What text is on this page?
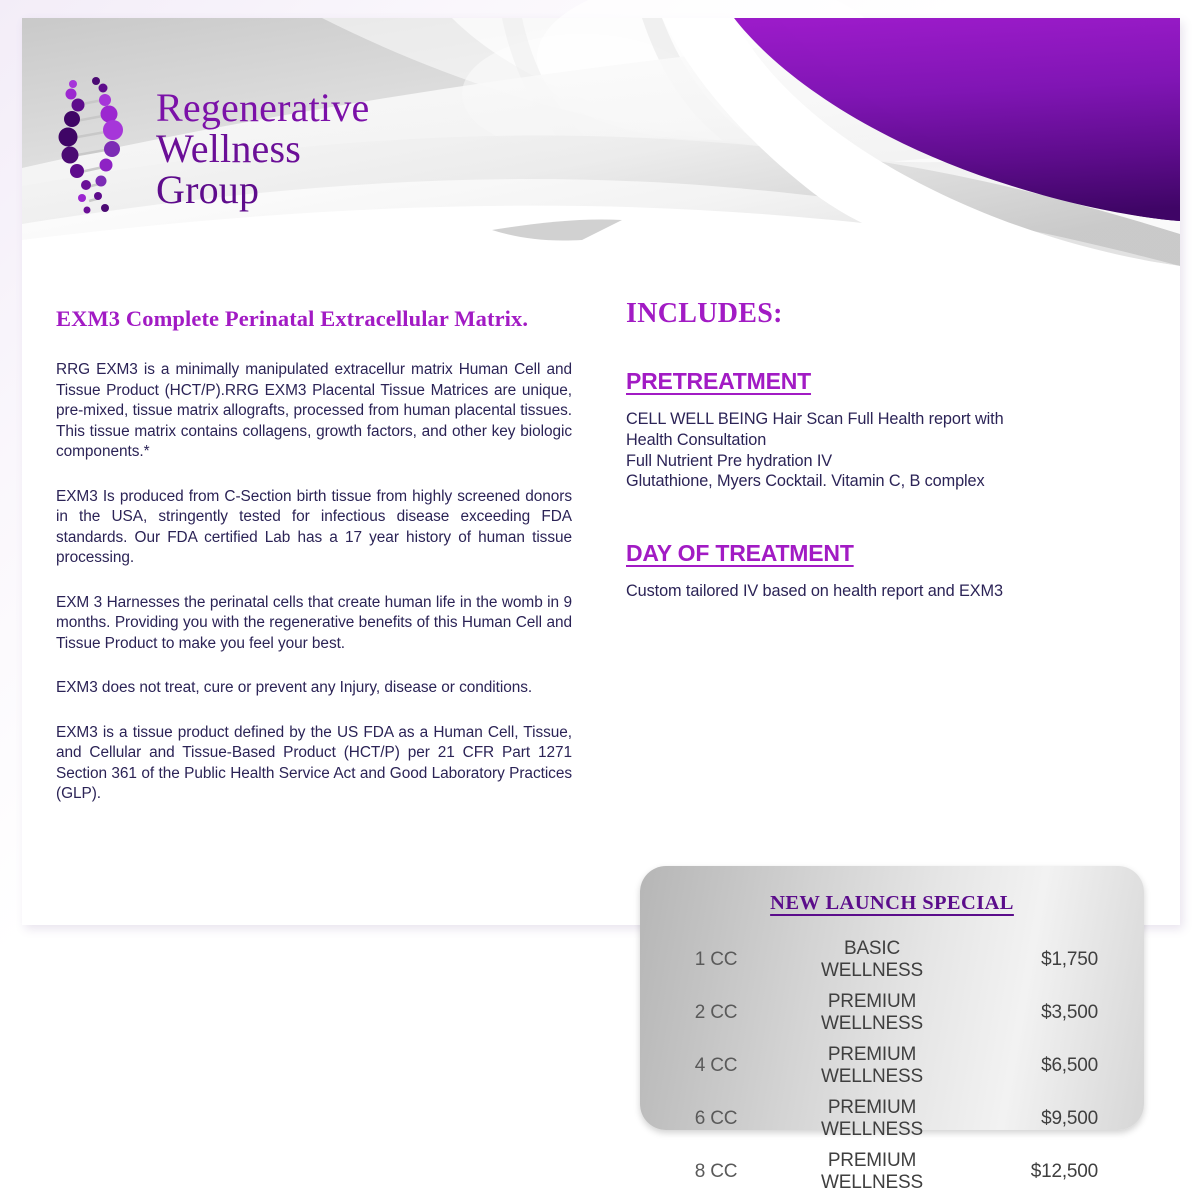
Regenerative
Wellness
Group
EXM3 Complete Perinatal Extracellular Matrix.

RRG EXM3 is a minimally manipulated extracellur matrix Human Cell and Tissue Product (HCT/P).RRG EXM3 Placental Tissue Matrices are unique, pre-mixed, tissue matrix allografts, processed from human placental tissues. This tissue matrix contains collagens, growth factors, and other key biologic components.*

EXM3 Is produced from C-Section birth tissue from highly screened donors in the USA, stringently tested for infectious disease exceeding FDA standards. Our FDA certified Lab has a 17 year history of human tissue processing.

EXM 3 Harnesses the perinatal cells that create human life in the womb in 9 months. Providing you with the regenerative benefits of this Human Cell and Tissue Product to make you feel your best.

EXM3 does not treat, cure or prevent any Injury, disease or conditions.

EXM3 is a tissue product defined by the US FDA as a Human Cell, Tissue, and Cellular and Tissue-Based Product (HCT/P) per 21 CFR Part 1271 Section 361 of the Public Health Service Act and Good Laboratory Practices (GLP).

INCLUDES:
PRETREATMENT
CELL WELL BEING Hair Scan Full Health report with
Health Consultation
Full Nutrient Pre hydration IV
Glutathione, Myers Cocktail. Vitamin C, B complex
DAY OF TREATMENT

Custom tailored IV based on health report and EXM3

NEW LAUNCH SPECIAL
1 CC	BASIC WELLNESS	$1,750
2 CC	PREMIUM WELLNESS	$3,500
4 CC	PREMIUM WELLNESS	$6,500
6 CC	PREMIUM WELLNESS	$9,500
8 CC	PREMIUM WELLNESS	$12,500
